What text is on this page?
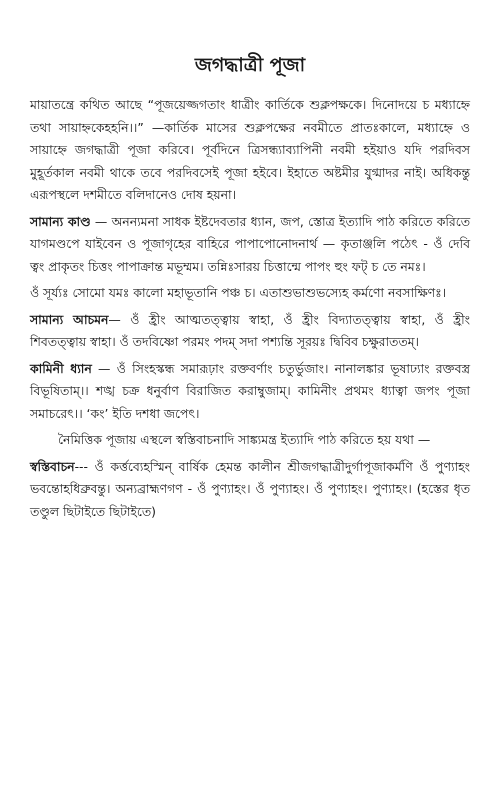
জগদ্ধাত্রী পূজা

মায়াতন্ত্রে কথিত আছে “পূজয়েজ্জগতাং ধাত্রীং কার্তিকে শুক্লপক্ষকে। দিনোদয়ে চ মধ্যাহ্নে তথা সায়াহ্নকেহহনি।।” —কার্তিক মাসের শুক্লপক্ষের নবমীতে প্রাতঃকালে, মধ্যাহ্নে ও সায়াহ্নে জগদ্ধাত্রী পূজা করিবে। পূর্বদিনে ত্রিসন্ধ্যাব্যাপিনী নবমী হইয়াও যদি পরদিবস মুহূর্তকাল নবমী থাকে তবে পরদিবসেই পূজা হইবে। ইহাতে অষ্টমীর যুগ্মাদর নাই। অধিকন্তু এরূপস্থলে দশমীতে বলিদানেও দোষ হয়না।

সামান্য কাণ্ড — অনন্যমনা সাধক ইষ্টদেবতার ধ্যান, জপ, স্তোত্র ইত্যাদি পাঠ করিতে করিতে যাগমণ্ডপে যাইবেন ও পূজাগৃহের বাহিরে পাপাপোনোদনার্থ — কৃতাঞ্জলি পঠেৎ - ওঁ দেবি ত্বং প্রাকৃতং চিত্তং পাপাক্রান্ত মভূম্মম। তন্নিঃসারয় চিত্তান্মে পাপং হুং ফট্ চ তে নমঃ।

ওঁ সূর্য্যঃ সোমো যমঃ কালো মহাভূতানি পঞ্চ চ। এতাশুভাশুভস্যেহ কর্মণো নবসাক্ষিণঃ।

সামান্য আচমন— ওঁ হ্রীং আত্মতত্ত্বায় স্বাহা, ওঁ হ্রীং বিদ্যাতত্ত্বায় স্বাহা, ওঁ হ্রীং শিবতত্ত্বায় স্বাহা। ওঁ তদবিষ্ণো পরমং পদম্ সদা পশ্যন্তি সূরয়ঃ দ্বিবিব চক্ষুরাততম্।

কামিনী ধ্যান — ওঁ সিংহস্কন্ধ সমারূঢ়াং রক্তবর্ণাং চতুর্ভুজাং। নানালঙ্কার ভূষাঢ্যাং রক্তবস্ত্র বিভূষিতাম্।। শঙ্খ চক্র ধনুর্বাণ বিরাজিত করাম্বুজাম্। কামিনীং প্রথমং ধ্যাত্বা জপং পূজা সমাচরেৎ।। ‘কং’ ইতি দশধা জপেৎ।

নৈমিত্তিক পূজায় এস্থলে স্বস্তিবাচনাদি সাঙ্ক্যমন্ত্র ইত্যাদি পাঠ করিতে হয় যথা —

স্বস্তিবাচন--- ওঁ কর্ত্তব্যেহস্মিন্ বার্ষিক হেমন্ত কালীন শ্রীজগদ্ধাত্রীদুর্গাপূজাকর্মণি ওঁ পুণ্যাহং ভবন্তোহধিব্রুবন্তু। অন্যব্রাহ্মণগণ - ওঁ পুণ্যাহং। ওঁ পুণ্যাহং। ওঁ পুণ্যাহং। পুণ্যাহং। (হস্তের ধৃত তণ্ডুল ছিটাইতে ছিটাইতে)
